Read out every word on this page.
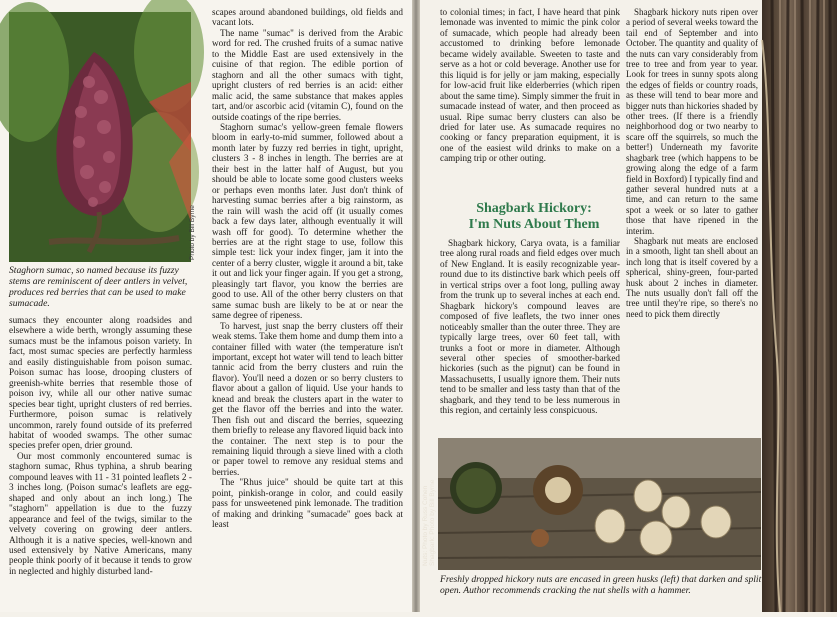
Photo by Bill Byrne
Staghorn sumac, so named because its fuzzy stems are reminiscent of deer antlers in velvet, produces red berries that can be used to make sumacade.

sumacs they encounter along roadsides and elsewhere a wide berth, wrongly assuming these sumacs must be the infamous poison variety. In fact, most sumac species are perfectly harmless and easily distinguishable from poison sumac. Poison sumac has loose, drooping clusters of greenish-white berries that resemble those of poison ivy, while all our other native sumac species bear tight, upright clusters of red berries. Furthermore, poison sumac is relatively uncommon, rarely found outside of its preferred habitat of wooded swamps. The other sumac species prefer open, drier ground.

Our most commonly encountered sumac is staghorn sumac, Rhus typhina, a shrub bearing compound leaves with 11 - 31 pointed leaflets 2 - 3 inches long. (Poison sumac's leaflets are egg-shaped and only about an inch long.) The "staghorn" appellation is due to the fuzzy appearance and feel of the twigs, similar to the velvety covering on growing deer antlers. Although it is a native species, well-known and used extensively by Native Americans, many people think poorly of it because it tends to grow in neglected and highly disturbed land-

scapes around abandoned buildings, old fields and vacant lots.

The name "sumac" is derived from the Arabic word for red. The crushed fruits of a sumac native to the Middle East are used extensively in the cuisine of that region. The edible portion of staghorn and all the other sumacs with tight, upright clusters of red berries is an acid: either malic acid, the same substance that makes apples tart, and/or ascorbic acid (vitamin C), found on the outside coatings of the ripe berries.

Staghorn sumac's yellow-green female flowers bloom in early-to-mid summer, followed about a month later by fuzzy red berries in tight, upright, clusters 3 - 8 inches in length. The berries are at their best in the latter half of August, but you should be able to locate some good clusters weeks or perhaps even months later. Just don't think of harvesting sumac berries after a big rainstorm, as the rain will wash the acid off (it usually comes back a few days later, although eventually it will wash off for good). To determine whether the berries are at the right stage to use, follow this simple test: lick your index finger, jam it into the center of a berry cluster, wiggle it around a bit, take it out and lick your finger again. If you get a strong, pleasingly tart flavor, you know the berries are good to use. All of the other berry clusters on that same sumac bush are likely to be at or near the same degree of ripeness.

To harvest, just snap the berry clusters off their weak stems. Take them home and dump them into a container filled with water (the temperature isn't important, except hot water will tend to leach bitter tannic acid from the berry clusters and ruin the flavor). You'll need a dozen or so berry clusters to flavor about a gallon of liquid. Use your hands to knead and break the clusters apart in the water to get the flavor off the berries and into the water. Then fish out and discard the berries, squeezing them briefly to release any flavored liquid back into the container. The next step is to pour the remaining liquid through a sieve lined with a cloth or paper towel to remove any residual stems and berries.

The "Rhus juice" should be quite tart at this point, pinkish-orange in color, and could easily pass for unsweetened pink lemonade. The tradition of making and drinking "sumacade" goes back at least

to colonial times; in fact, I have heard that pink lemonade was invented to mimic the pink color of sumacade, which people had already been accustomed to drinking before lemonade became widely available. Sweeten to taste and serve as a hot or cold beverage. Another use for this liquid is for jelly or jam making, especially for low-acid fruit like elderberries (which ripen about the same time). Simply simmer the fruit in sumacade instead of water, and then proceed as usual. Ripe sumac berry clusters can also be dried for later use. As sumacade requires no cooking or fancy preparation equipment, it is one of the easiest wild drinks to make on a camping trip or other outing.

Shagbark Hickory:
I'm Nuts About Them

Shagbark hickory, Carya ovata, is a familiar tree along rural roads and field edges over much of New England. It is easily recognizable year-round due to its distinctive bark which peels off in vertical strips over a foot long, pulling away from the trunk up to several inches at each end. Shagbark hickory's compound leaves are composed of five leaflets, the two inner ones noticeably smaller than the outer three. They are typically large trees, over 60 feet tall, with trunks a foot or more in diameter. Although several other species of smoother-barked hickories (such as the pignut) can be found in Massachusetts, I usually ignore them. Their nuts tend to be smaller and less tasty than that of the shagbark, and they tend to be less numerous in this region, and certainly less conspicuous.

Shagbark hickory nuts ripen over a period of several weeks toward the tail end of September and into October. The quantity and quality of the nuts can vary considerably from tree to tree and from year to year. Look for trees in sunny spots along the edges of fields or country roads, as these will tend to bear more and bigger nuts than hickories shaded by other trees. (If there is a friendly neighborhood dog or two nearby to scare off the squirrels, so much the better!) Underneath my favorite shagbark tree (which happens to be growing along the edge of a farm field in Boxford) I typically find and gather several hundred nuts at a time, and can return to the same spot a week or so later to gather those that have ripened in the interim.

Shagbark nut meats are enclosed in a smooth, light tan shell about an inch long that is itself covered by a spherical, shiny-green, four-parted husk about 2 inches in diameter. The nuts usually don't fall off the tree until they're ripe, so there's no need to pick them directly

Nuts: Photo by Russ Cohen Shagbark: Photo by Bill Byrne
Freshly dropped hickory nuts are encased in green husks (left) that darken and split open. Author recommends cracking the nut shells with a hammer.
